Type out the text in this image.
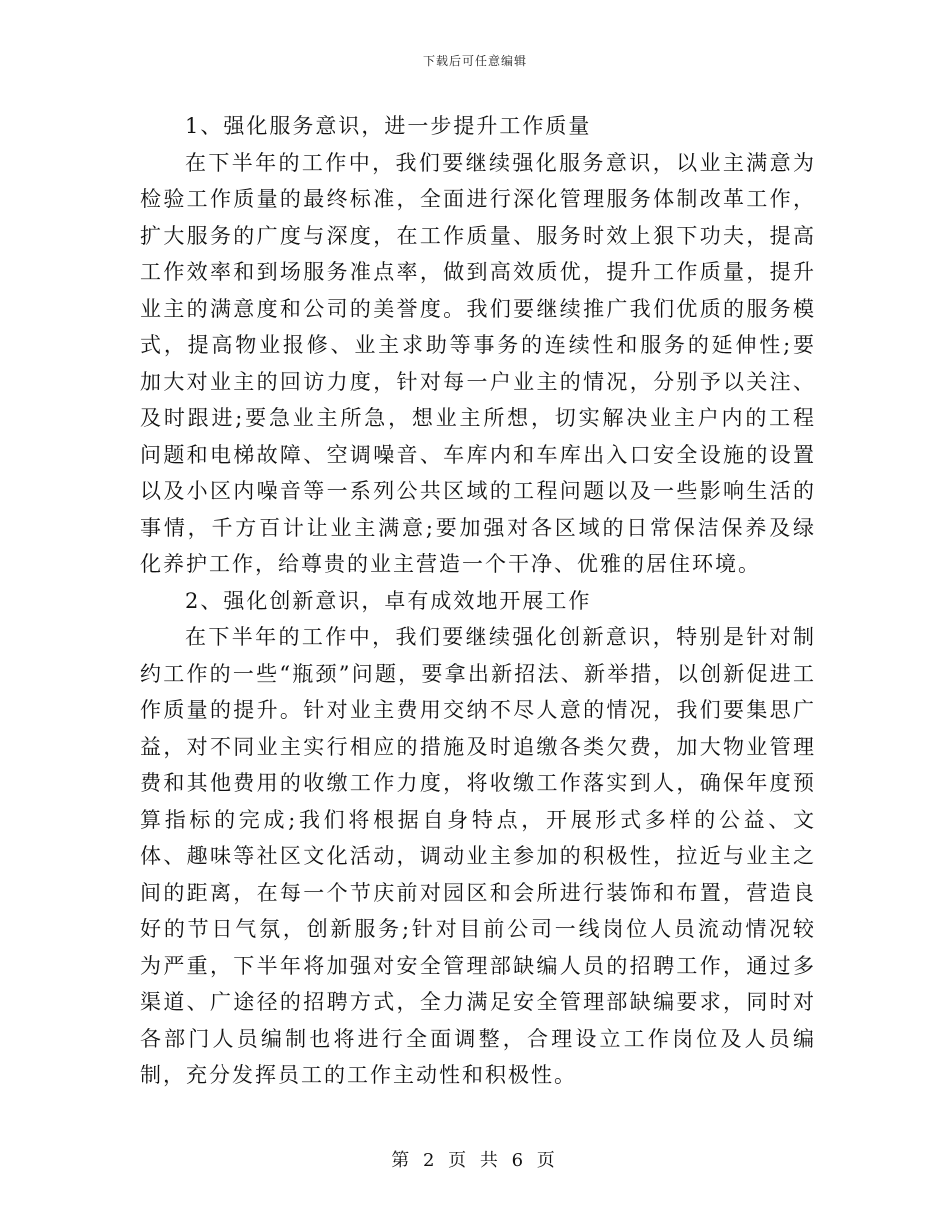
下载后可任意编辑

1、强化服务意识，进一步提升工作质量

在下半年的工作中，我们要继续强化服务意识，以业主满意为检验工作质量的最终标准，全面进行深化管理服务体制改革工作，扩大服务的广度与深度，在工作质量、服务时效上狠下功夫，提高工作效率和到场服务准点率，做到高效质优，提升工作质量，提升业主的满意度和公司的美誉度。我们要继续推广我们优质的服务模式，提高物业报修、业主求助等事务的连续性和服务的延伸性;要加大对业主的回访力度，针对每一户业主的情况，分别予以关注、及时跟进;要急业主所急，想业主所想，切实解决业主户内的工程问题和电梯故障、空调噪音、车库内和车库出入口安全设施的设置以及小区内噪音等一系列公共区域的工程问题以及一些影响生活的事情，千方百计让业主满意;要加强对各区域的日常保洁保养及绿化养护工作，给尊贵的业主营造一个干净、优雅的居住环境。

2、强化创新意识，卓有成效地开展工作

在下半年的工作中，我们要继续强化创新意识，特别是针对制约工作的一些“瓶颈”问题，要拿出新招法、新举措，以创新促进工作质量的提升。针对业主费用交纳不尽人意的情况，我们要集思广益，对不同业主实行相应的措施及时追缴各类欠费，加大物业管理费和其他费用的收缴工作力度，将收缴工作落实到人，确保年度预算指标的完成;我们将根据自身特点，开展形式多样的公益、文体、趣味等社区文化活动，调动业主参加的积极性，拉近与业主之间的距离，在每一个节庆前对园区和会所进行装饰和布置，营造良好的节日气氛，创新服务;针对目前公司一线岗位人员流动情况较为严重，下半年将加强对安全管理部缺编人员的招聘工作，通过多渠道、广途径的招聘方式，全力满足安全管理部缺编要求，同时对各部门人员编制也将进行全面调整，合理设立工作岗位及人员编制，充分发挥员工的工作主动性和积极性。

第 2 页 共 6 页
